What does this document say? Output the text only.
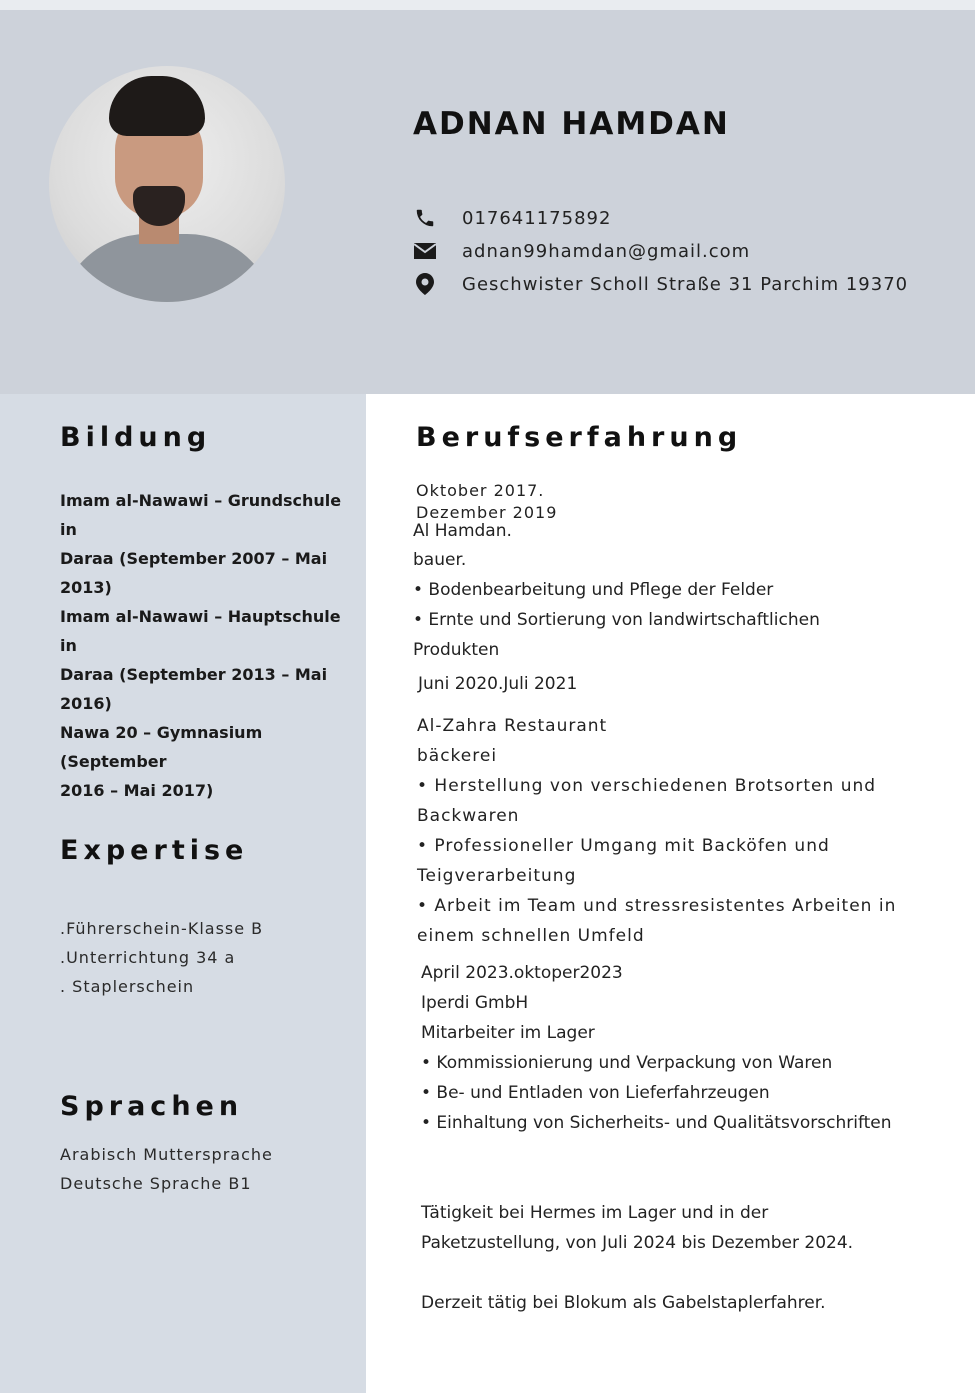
ADNAN HAMDAN
017641175892
adnan99hamdan@gmail.com
Geschwister Scholl Straße 31 Parchim 19370
Bildung
Imam al-Nawawi – Grundschule in
Daraa (September 2007 – Mai 2013)
Imam al-Nawawi – Hauptschule in
Daraa (September 2013 – Mai 2016)
Nawa 20 – Gymnasium (September
2016 – Mai 2017)
Expertise
.Führerschein-Klasse B
.Unterrichtung 34 a
. Staplerschein
Sprachen
Arabisch Muttersprache
Deutsche Sprache B1
Berufserfahrung
Oktober 2017.
Dezember 2019
Al Hamdan.
bauer.
• Bodenbearbeitung und Pflege der Felder
• Ernte und Sortierung von landwirtschaftlichen
Produkten
Juni 2020.Juli 2021
Al-Zahra Restaurant
bäckerei
• Herstellung von verschiedenen Brotsorten und
Backwaren
• Professioneller Umgang mit Backöfen und
Teigverarbeitung
• Arbeit im Team und stressresistentes Arbeiten in
einem schnellen Umfeld
April 2023.oktoper2023
Iperdi GmbH
Mitarbeiter im Lager
• Kommissionierung und Verpackung von Waren
• Be- und Entladen von Lieferfahrzeugen
• Einhaltung von Sicherheits- und Qualitätsvorschriften
Tätigkeit bei Hermes im Lager und in der
Paketzustellung, von Juli 2024 bis Dezember 2024.
Derzeit tätig bei Blokum als Gabelstaplerfahrer.
